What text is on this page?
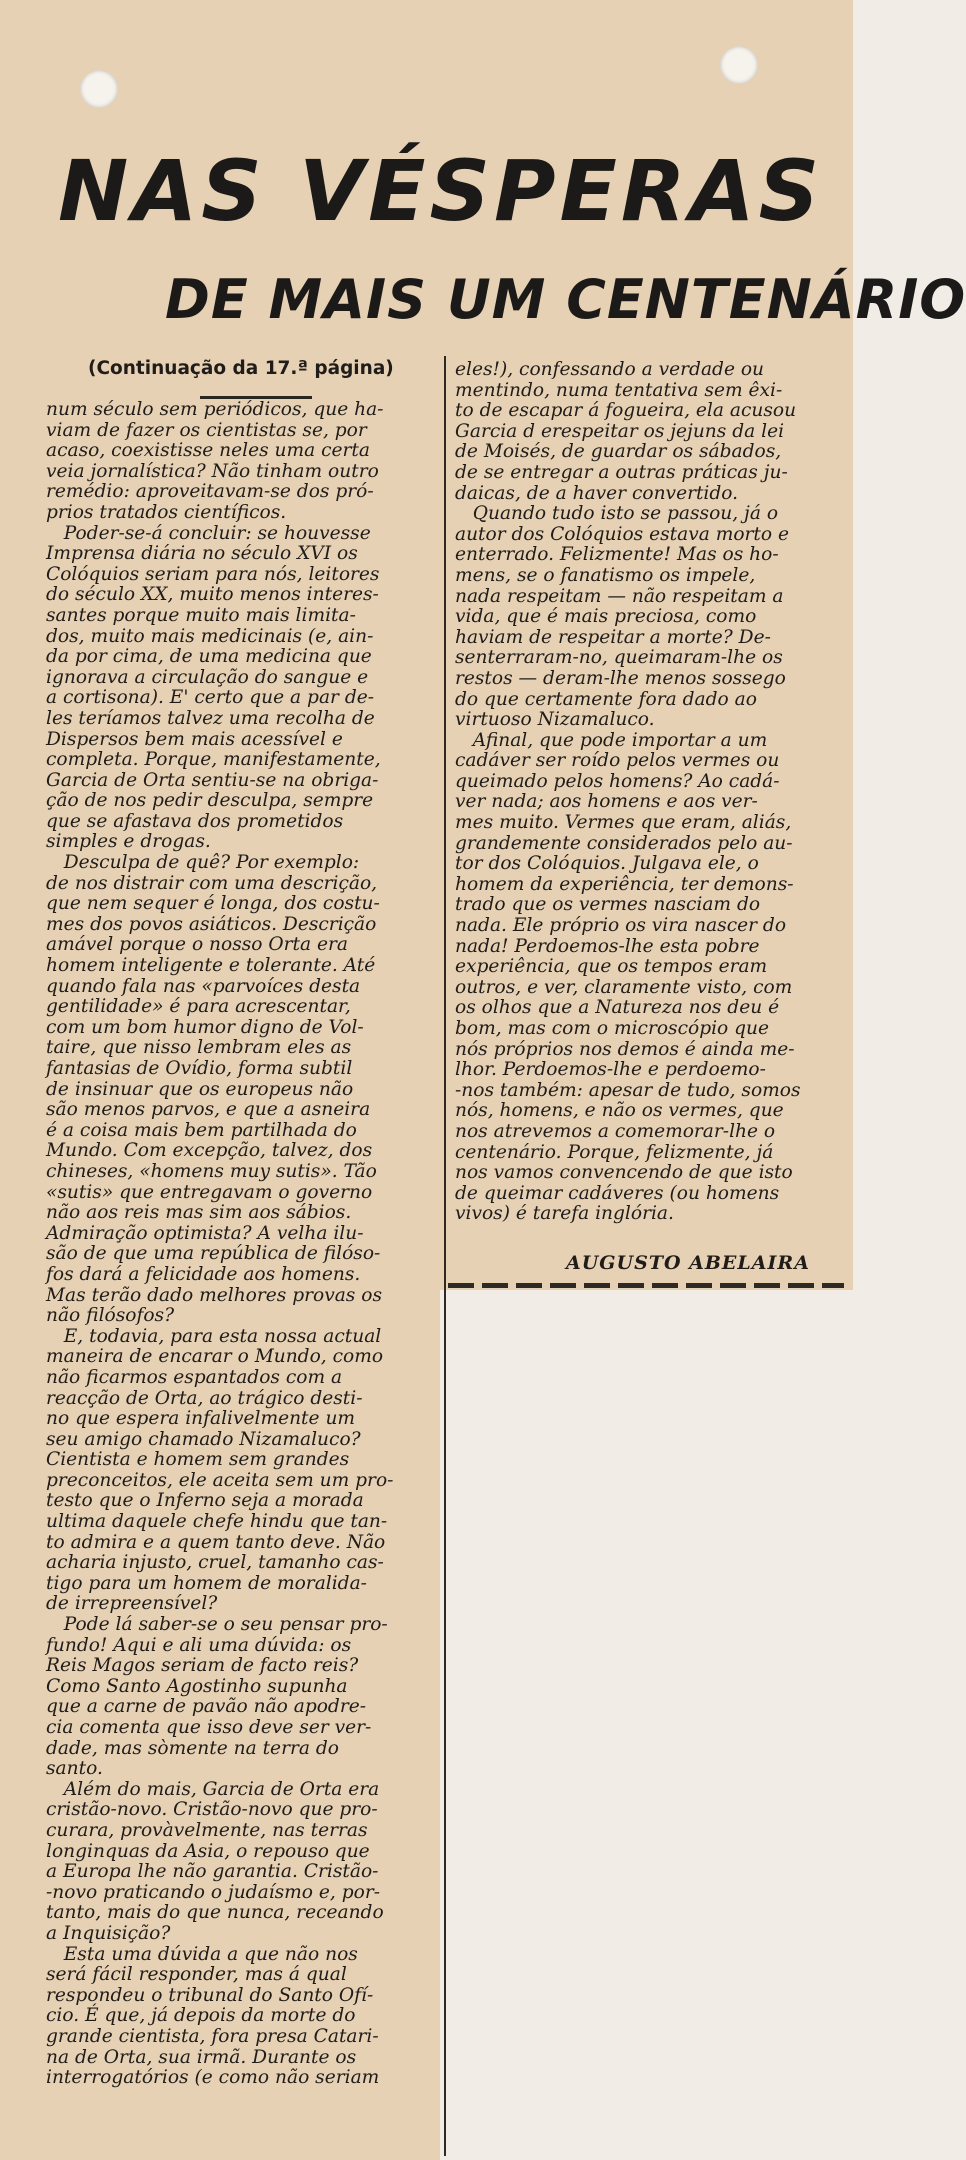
NAS VÉSPERAS
DE MAIS UM CENTENÁRIO

(Continuação da 17.ª página)

num século sem periódicos, que ha-
viam de fazer os cientistas se, por
acaso, coexistisse neles uma certa
veia jornalística? Não tinham outro
remédio: aproveitavam-se dos pró-
prios tratados científicos.
Poder-se-á concluir: se houvesse
Imprensa diária no século XVI os
Colóquios seriam para nós, leitores
do século XX, muito menos interes-
santes porque muito mais limita-
dos, muito mais medicinais (e, ain-
da por cima, de uma medicina que
ignorava a circulação do sangue e
a cortisona). E' certo que a par de-
les teríamos talvez uma recolha de
Dispersos bem mais acessível e
completa. Porque, manifestamente,
Garcia de Orta sentiu-se na obriga-
ção de nos pedir desculpa, sempre
que se afastava dos prometidos
simples e drogas.
Desculpa de quê? Por exemplo:
de nos distrair com uma descrição,
que nem sequer é longa, dos costu-
mes dos povos asiáticos. Descrição
amável porque o nosso Orta era
homem inteligente e tolerante. Até
quando fala nas «parvoíces desta
gentilidade» é para acrescentar,
com um bom humor digno de Vol-
taire, que nisso lembram eles as
fantasias de Ovídio, forma subtil
de insinuar que os europeus não
são menos parvos, e que a asneira
é a coisa mais bem partilhada do
Mundo. Com excepção, talvez, dos
chineses, «homens muy sutis». Tão
«sutis» que entregavam o governo
não aos reis mas sim aos sábios.
Admiração optimista? A velha ilu-
são de que uma república de filóso-
fos dará a felicidade aos homens.
Mas terão dado melhores provas os
não filósofos?
E, todavia, para esta nossa actual
maneira de encarar o Mundo, como
não ficarmos espantados com a
reacção de Orta, ao trágico desti-
no que espera infalivelmente um
seu amigo chamado Nizamaluco?
Cientista e homem sem grandes
preconceitos, ele aceita sem um pro-
testo que o Inferno seja a morada
ultima daquele chefe hindu que tan-
to admira e a quem tanto deve. Não
acharia injusto, cruel, tamanho cas-
tigo para um homem de moralida-
de irrepreensível?
Pode lá saber-se o seu pensar pro-
fundo! Aqui e ali uma dúvida: os
Reis Magos seriam de facto reis?
Como Santo Agostinho supunha
que a carne de pavão não apodre-
cia comenta que isso deve ser ver-
dade, mas sòmente na terra do
santo.
Além do mais, Garcia de Orta era
cristão-novo. Cristão-novo que pro-
curara, provàvelmente, nas terras
longinquas da Asia, o repouso que
a Europa lhe não garantia. Cristão-
-novo praticando o judaísmo e, por-
tanto, mais do que nunca, receando
a Inquisição?
Esta uma dúvida a que não nos
será fácil responder, mas á qual
respondeu o tribunal do Santo Ofí-
cio. É que, já depois da morte do
grande cientista, fora presa Catari-
na de Orta, sua irmã. Durante os
interrogatórios (e como não seriam

eles!), confessando a verdade ou
mentindo, numa tentativa sem êxi-
to de escapar á fogueira, ela acusou
Garcia d erespeitar os jejuns da lei
de Moisés, de guardar os sábados,
de se entregar a outras práticas ju-
daicas, de a haver convertido.
Quando tudo isto se passou, já o
autor dos Colóquios estava morto e
enterrado. Felizmente! Mas os ho-
mens, se o fanatismo os impele,
nada respeitam — não respeitam a
vida, que é mais preciosa, como
haviam de respeitar a morte? De-
senterraram-no, queimaram-lhe os
restos — deram-lhe menos sossego
do que certamente fora dado ao
virtuoso Nizamaluco.
Afinal, que pode importar a um
cadáver ser roído pelos vermes ou
queimado pelos homens? Ao cadá-
ver nada; aos homens e aos ver-
mes muito. Vermes que eram, aliás,
grandemente considerados pelo au-
tor dos Colóquios. Julgava ele, o
homem da experiência, ter demons-
trado que os vermes nasciam do
nada. Ele próprio os vira nascer do
nada! Perdoemos-lhe esta pobre
experiência, que os tempos eram
outros, e ver, claramente visto, com
os olhos que a Natureza nos deu é
bom, mas com o microscópio que
nós próprios nos demos é ainda me-
lhor. Perdoemos-lhe e perdoemo-
-nos também: apesar de tudo, somos
nós, homens, e não os vermes, que
nos atrevemos a comemorar-lhe o
centenário. Porque, felizmente, já
nos vamos convencendo de que isto
de queimar cadáveres (ou homens
vivos) é tarefa inglória.

AUGUSTO ABELAIRA
